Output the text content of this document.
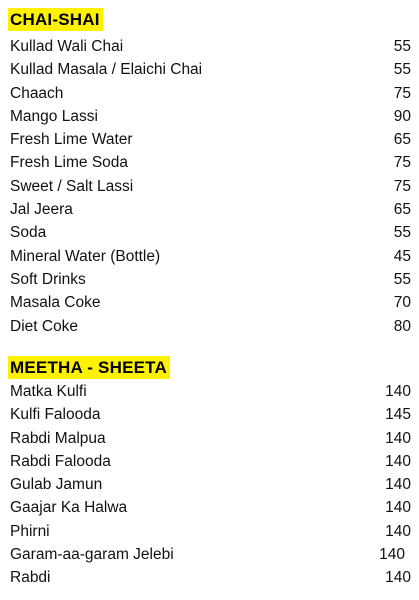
CHAI-SHAI
Kullad Wali Chai	55
Kullad Masala / Elaichi Chai	55
Chaach	75
Mango Lassi	90
Fresh Lime Water	65
Fresh Lime Soda	75
Sweet / Salt Lassi	75
Jal Jeera	65
Soda	55
Mineral Water (Bottle)	45
Soft Drinks	55
Masala Coke	70
Diet Coke	80
MEETHA - SHEETA
Matka Kulfi	140
Kulfi Falooda	145
Rabdi Malpua	140
Rabdi Falooda	140
Gulab Jamun	140
Gaajar Ka Halwa	140
Phirni	140
Garam-aa-garam Jelebi	140
Rabdi	140
